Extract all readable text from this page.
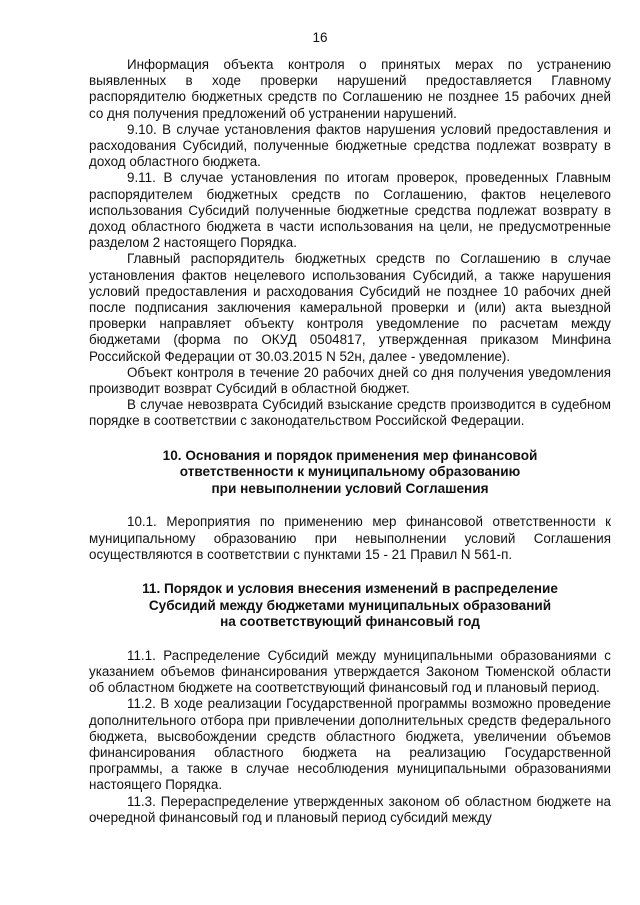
16

Информация объекта контроля о принятых мерах по устранению выявленных в ходе проверки нарушений предоставляется Главному распорядителю бюджетных средств по Соглашению не позднее 15 рабочих дней со дня получения предложений об устранении нарушений.

9.10. В случае установления фактов нарушения условий предоставления и расходования Субсидий, полученные бюджетные средства подлежат возврату в доход областного бюджета.

9.11. В случае установления по итогам проверок, проведенных Главным распорядителем бюджетных средств по Соглашению, фактов нецелевого использования Субсидий полученные бюджетные средства подлежат возврату в доход областного бюджета в части использования на цели, не предусмотренные разделом 2 настоящего Порядка.

Главный распорядитель бюджетных средств по Соглашению в случае установления фактов нецелевого использования Субсидий, а также нарушения условий предоставления и расходования Субсидий не позднее 10 рабочих дней после подписания заключения камеральной проверки и (или) акта выездной проверки направляет объекту контроля уведомление по расчетам между бюджетами (форма по ОКУД 0504817, утвержденная приказом Минфина Российской Федерации от 30.03.2015 N 52н, далее - уведомление).

Объект контроля в течение 20 рабочих дней со дня получения уведомления производит возврат Субсидий в областной бюджет.

В случае невозврата Субсидий взыскание средств производится в судебном порядке в соответствии с законодательством Российской Федерации.

10. Основания и порядок применения мер финансовой

ответственности к муниципальному образованию

при невыполнении условий Соглашения

10.1. Мероприятия по применению мер финансовой ответственности к муниципальному образованию при невыполнении условий Соглашения осуществляются в соответствии с пунктами 15 - 21 Правил N 561-п.

11. Порядок и условия внесения изменений в распределение

Субсидий между бюджетами муниципальных образований

на соответствующий финансовый год

11.1. Распределение Субсидий между муниципальными образованиями с указанием объемов финансирования утверждается Законом Тюменской области об областном бюджете на соответствующий финансовый год и плановый период.

11.2. В ходе реализации Государственной программы возможно проведение дополнительного отбора при привлечении дополнительных средств федерального бюджета, высвобождении средств областного бюджета, увеличении объемов финансирования областного бюджета на реализацию Государственной программы, а также в случае несоблюдения муниципальными образованиями настоящего Порядка.

11.3. Перераспределение утвержденных законом об областном бюджете на очередной финансовый год и плановый период субсидий между
